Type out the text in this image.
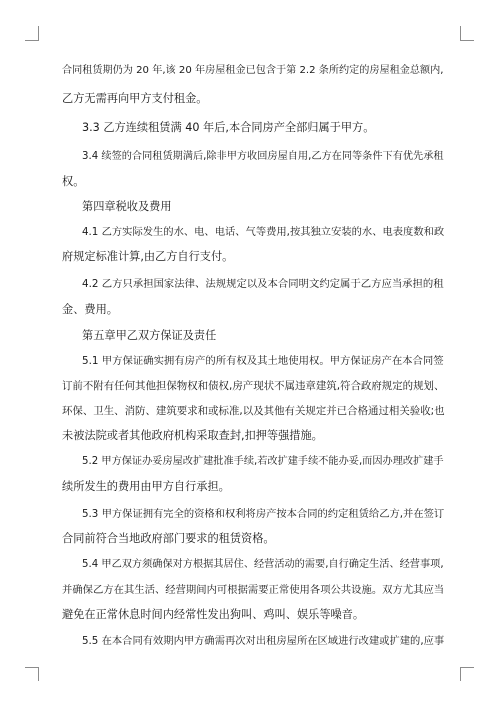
合同租赁期仍为 20 年,该 20 年房屋租金已包含于第 2.2 条所约定的房屋租金总额内,
乙方无需再向甲方支付租金。
3.3 乙方连续租赁满 40 年后,本合同房产全部归属于甲方。
3.4 续签的合同租赁期满后,除非甲方收回房屋自用,乙方在同等条件下有优先承租
权。
第四章税收及费用
4.1 乙方实际发生的水、电、电话、气等费用,按其独立安装的水、电表度数和政
府规定标准计算,由乙方自行支付。
4.2 乙方只承担国家法律、法规规定以及本合同明文约定属于乙方应当承担的租
金、费用。
第五章甲乙双方保证及责任
5.1 甲方保证确实拥有房产的所有权及其土地使用权。甲方保证房产在本合同签
订前不附有任何其他担保物权和债权,房产现状不属违章建筑,符合政府规定的规划、
环保、卫生、消防、建筑要求和或标准,以及其他有关规定并已合格通过相关验收;也
未被法院或者其他政府机构采取查封,扣押等强措施。
5.2 甲方保证办妥房屋改扩建批准手续,若改扩建手续不能办妥,而因办理改扩建手
续所发生的费用由甲方自行承担。
5.3 甲方保证拥有完全的资格和权利将房产按本合同的约定租赁给乙方,并在签订
合同前符合当地政府部门要求的租赁资格。
5.4 甲乙双方须确保对方根据其居住、经营活动的需要,自行确定生活、经营事项,
并确保乙方在其生活、经营期间内可根据需要正常使用各项公共设施。双方尤其应当
避免在正常休息时间内经常性发出狗叫、鸡叫、娱乐等噪音。
5.5 在本合同有效期内甲方确需再次对出租房屋所在区域进行改建或扩建的,应事
